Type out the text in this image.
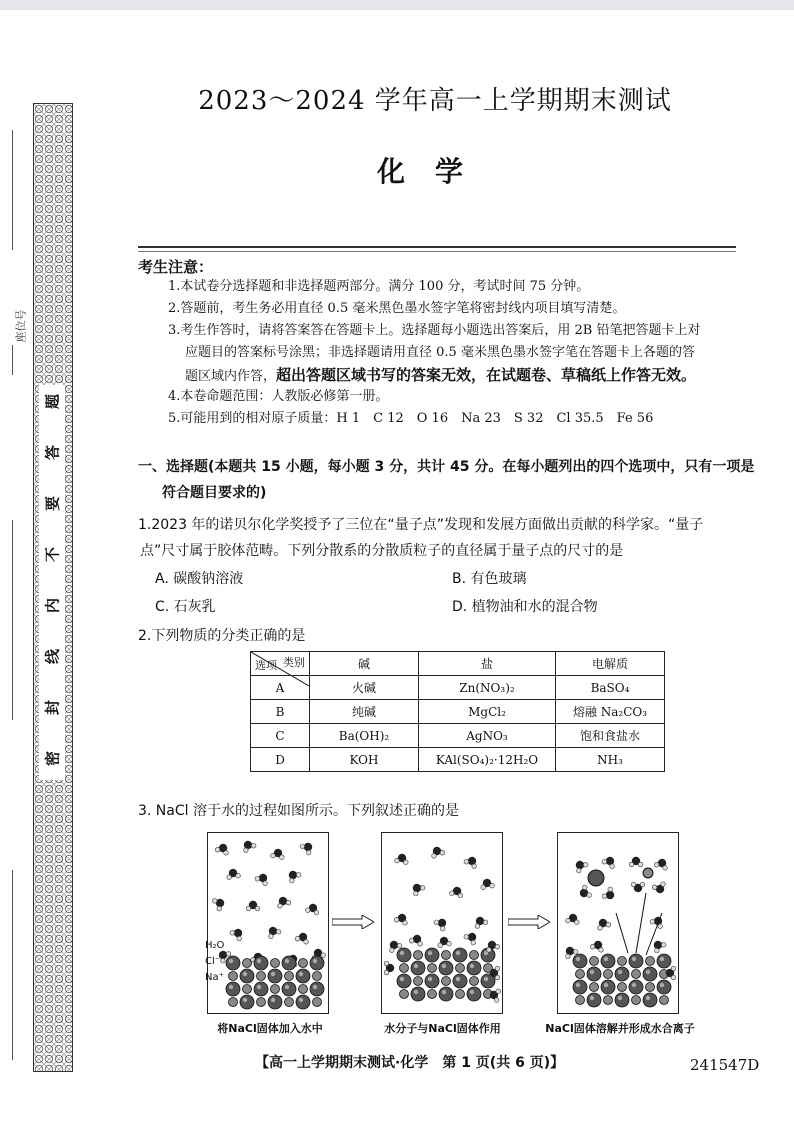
题
答
要
不
内
线
封
密
座位号
2023～2024 学年高一上学期期末测试
化学
考生注意：
1.本试卷分选择题和非选择题两部分。满分 100 分，考试时间 75 分钟。
2.答题前，考生务必用直径 0.5 毫米黑色墨水签字笔将密封线内项目填写清楚。
3.考生作答时，请将答案答在答题卡上。选择题每小题选出答案后，用 2B 铅笔把答题卡上对
应题目的答案标号涂黑；非选择题请用直径 0.5 毫米黑色墨水签字笔在答题卡上各题的答
题区域内作答，超出答题区域书写的答案无效，在试题卷、草稿纸上作答无效。
4.本卷命题范围：人教版必修第一册。
5.可能用到的相对原子质量：H 1　C 12　O 16　Na 23　S 32　Cl 35.5　Fe 56
一、选择题(本题共 15 小题，每小题 3 分，共计 45 分。在每小题列出的四个选项中，只有一项是
符合题目要求的)
1.2023 年的诺贝尔化学奖授予了三位在“量子点”发现和发展方面做出贡献的科学家。“量子
点”尺寸属于胶体范畴。下列分散系的分散质粒子的直径属于量子点的尺寸的是
A. 碳酸钠溶液	B. 有色玻璃
C. 石灰乳	D. 植物油和水的混合物
2.下列物质的分类正确的是
类别
选项	碱	盐	电解质
A	火碱	Zn(NO₃)₂	BaSO₄
B	纯碱	MgCl₂	熔融 Na₂CO₃
C	Ba(OH)₂	AgNO₃	饱和食盐水
D	KOH	KAl(SO₄)₂·12H₂O	NH₃
3. NaCl 溶于水的过程如图所示。下列叙述正确的是
H₂O
Cl⁻
Na⁺
将NaCl固体加入水中	水分子与NaCl固体作用	NaCl固体溶解并形成水合离子
【高一上学期期末测试·化学　第 1 页(共 6 页)】	241547D
